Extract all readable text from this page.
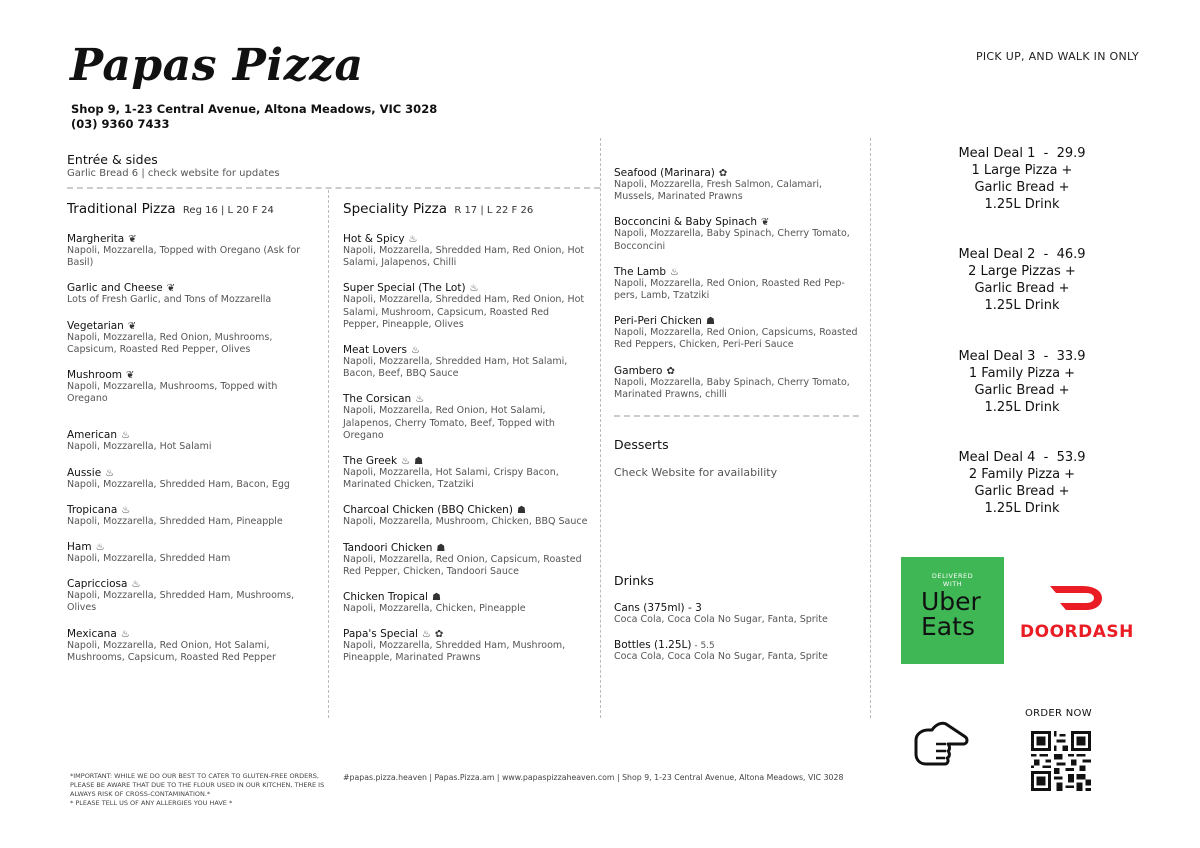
Papas Pizza
Shop 9, 1-23 Central Avenue, Altona Meadows, VIC 3028
(03) 9360 7433
PICK UP, AND WALK IN ONLY
Entrée & sides
Garlic Bread 6 | check website for updates
Traditional Pizza Reg 16 | L 20 F 24
Margherita ❦
Napoli, Mozzarella, Topped with Oregano (Ask for Basil)
Garlic and Cheese ❦
Lots of Fresh Garlic, and Tons of Mozzarella
Vegetarian ❦
Napoli, Mozzarella, Red Onion, Mushrooms, Capsicum, Roasted Red Pepper, Olives
Mushroom ❦
Napoli, Mozzarella, Mushrooms, Topped with Oregano
American ♨
Napoli, Mozzarella, Hot Salami
Aussie ♨
Napoli, Mozzarella, Shredded Ham, Bacon, Egg
Tropicana ♨
Napoli, Mozzarella, Shredded Ham, Pineapple
Ham ♨
Napoli, Mozzarella, Shredded Ham
Capricciosa ♨
Napoli, Mozzarella, Shredded Ham, Mushrooms, Olives
Mexicana ♨
Napoli, Mozzarella, Red Onion, Hot Salami, Mushrooms, Capsicum, Roasted Red Pepper
Speciality Pizza R 17 | L 22 F 26
Hot & Spicy ♨
Napoli, Mozzarella, Shredded Ham, Red Onion, Hot Salami, Jalapenos, Chilli
Super Special (The Lot) ♨
Napoli, Mozzarella, Shredded Ham, Red Onion, Hot Salami, Mushroom, Capsicum, Roasted Red Pepper, Pineapple, Olives
Meat Lovers ♨
Napoli, Mozzarella, Shredded Ham, Hot Salami, Bacon, Beef, BBQ Sauce
The Corsican ♨
Napoli, Mozzarella, Red Onion, Hot Salami, Jalapenos, Cherry Tomato, Beef, Topped with Oregano
The Greek ♨ ☗
Napoli, Mozzarella, Hot Salami, Crispy Bacon, Marinated Chicken, Tzatziki
Charcoal Chicken (BBQ Chicken) ☗
Napoli, Mozzarella, Mushroom, Chicken, BBQ Sauce
Tandoori Chicken ☗
Napoli, Mozzarella, Red Onion, Capsicum, Roasted Red Pepper, Chicken, Tandoori Sauce
Chicken Tropical ☗
Napoli, Mozzarella, Chicken, Pineapple
Papa's Special ♨ ✿
Napoli, Mozzarella, Shredded Ham, Mushroom, Pineapple, Marinated Prawns
Seafood (Marinara) ✿
Napoli, Mozzarella, Fresh Salmon, Calamari, Mussels, Marinated Prawns
Bocconcini & Baby Spinach ❦
Napoli, Mozzarella, Baby Spinach, Cherry Tomato, Bocconcini
The Lamb ♨
Napoli, Mozzarella, Red Onion, Roasted Red Pep- pers, Lamb, Tzatziki
Peri-Peri Chicken ☗
Napoli, Mozzarella, Red Onion, Capsicums, Roasted Red Peppers, Chicken, Peri-Peri Sauce
Gambero ✿
Napoli, Mozzarella, Baby Spinach, Cherry Tomato, Marinated Prawns, chilli
Desserts
Check Website for availability
Drinks
Cans (375ml) - 3
Coca Cola, Coca Cola No Sugar, Fanta, Sprite
Bottles (1.25L) - 5.5
Coca Cola, Coca Cola No Sugar, Fanta, Sprite
Meal Deal 1  -  29.9
1 Large Pizza +
Garlic Bread +
1.25L Drink
Meal Deal 2  -  46.9
2 Large Pizzas +
Garlic Bread +
1.25L Drink
Meal Deal 3  -  33.9
1 Family Pizza +
Garlic Bread +
1.25L Drink
Meal Deal 4  -  53.9
2 Family Pizza +
Garlic Bread +
1.25L Drink
DELIVERED
WITH
Uber
Eats	DOORDASH
ORDER NOW
*IMPORTANT: WHILE WE DO OUR BEST TO CATER TO GLUTEN-FREE ORDERS, PLEASE BE AWARE THAT DUE TO THE FLOUR USED IN OUR KITCHEN, THERE IS ALWAYS RISK OF CROSS-CONTAMINATION.*
* PLEASE TELL US OF ANY ALLERGIES YOU HAVE *
#papas.pizza.heaven | Papas.Pizza.am | www.papaspizzaheaven.com | Shop 9, 1-23 Central Avenue, Altona Meadows, VIC 3028
